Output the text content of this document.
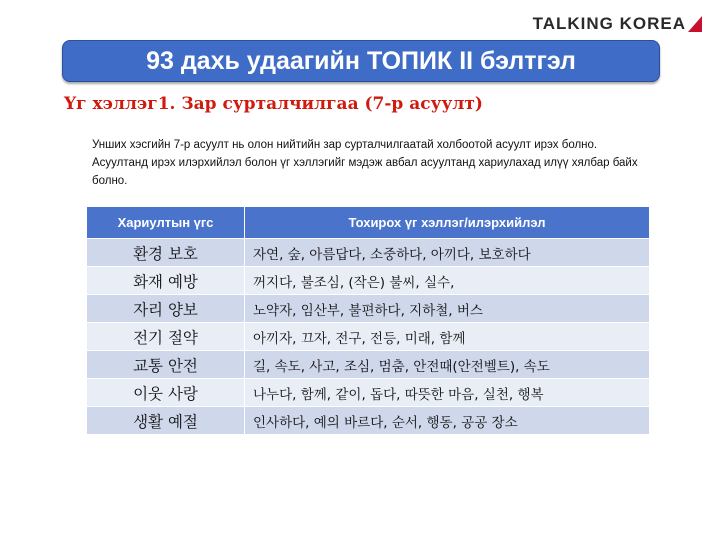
TALKING KOREA
93 дахь удаагийн ТОПИК II бэлтгэл
Үг хэллэг1. Зар сурталчилгаа (7-р асуулт)
Унших хэсгийн 7-р асуулт нь олон нийтийн зар сурталчилгаатай холбоотой асуулт ирэх болно. Асуултанд ирэх илэрхийлэл болон үг хэллэгийг мэдэж авбал асуултанд хариулахад илүү хялбар байх болно.
Хариултын үгс	Тохирох үг хэллэг/илэрхийлэл
환경 보호	자연, 숲, 아름답다, 소중하다, 아끼다, 보호하다
화재 예방	꺼지다, 불조심, (작은) 불씨, 실수,
자리 양보	노약자, 임산부, 불편하다, 지하철, 버스
전기 절약	아끼자, 끄자, 전구, 전등, 미래, 함께
교통 안전	길, 속도, 사고, 조심, 멈춤, 안전때(안전벨트), 속도
이웃 사랑	나누다, 함께, 같이, 돕다, 따뜻한 마음, 실천, 행복
생활 예절	인사하다, 예의 바르다, 순서, 행동, 공공 장소
